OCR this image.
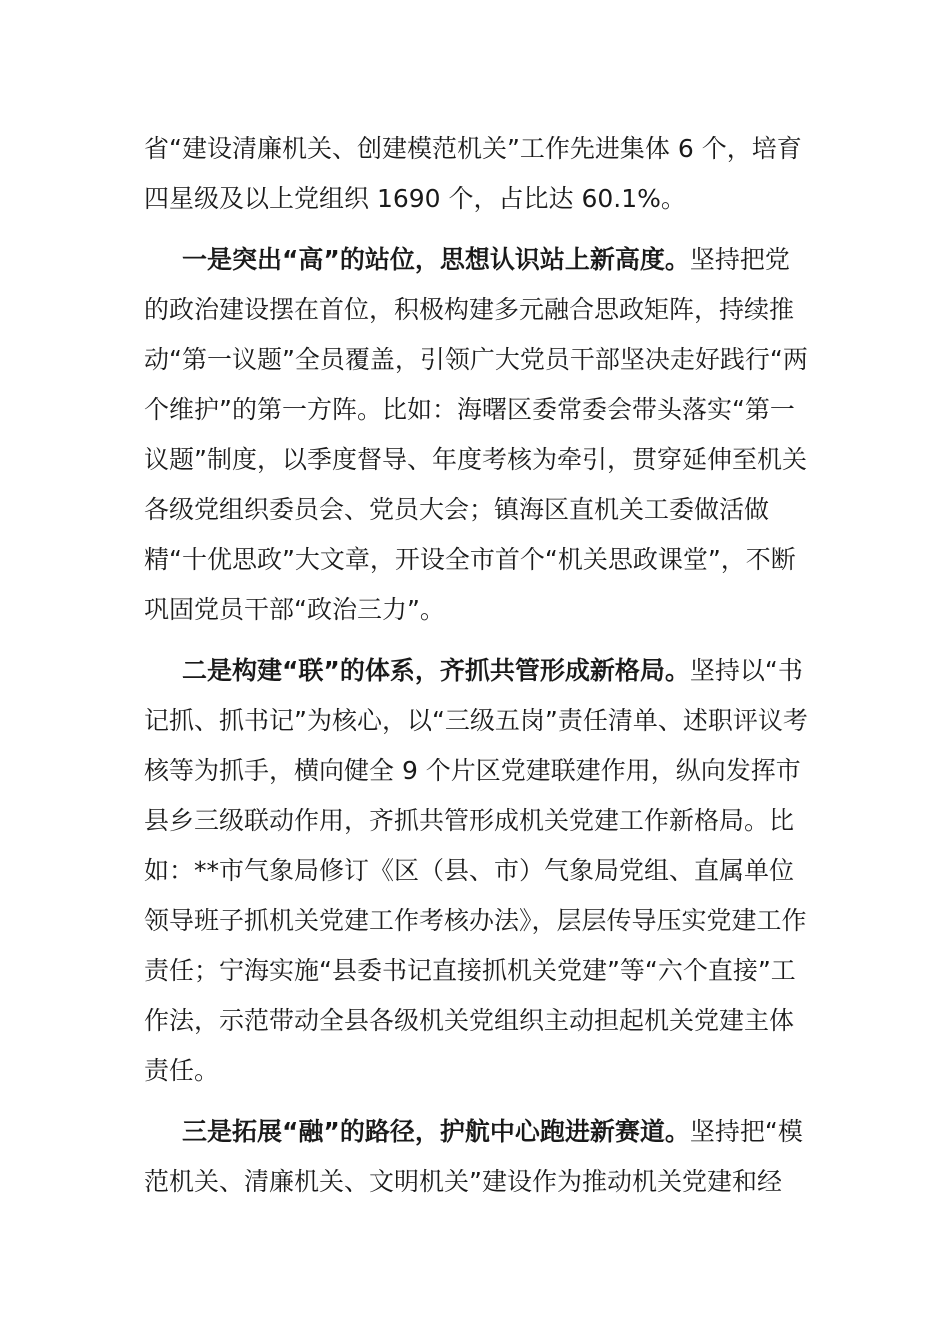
省“建设清廉机关、创建模范机关”工作先进集体 6 个，培育四星级及以上党组织 1690 个，占比达 60.1%。

一是突出“高”的站位，思想认识站上新高度。坚持把党的政治建设摆在首位，积极构建多元融合思政矩阵，持续推动“第一议题”全员覆盖，引领广大党员干部坚决走好践行“两个维护”的第一方阵。比如：海曙区委常委会带头落实“第一议题”制度，以季度督导、年度考核为牵引，贯穿延伸至机关各级党组织委员会、党员大会；镇海区直机关工委做活做精“十优思政”大文章，开设全市首个“机关思政课堂”，不断巩固党员干部“政治三力”。

二是构建“联”的体系，齐抓共管形成新格局。坚持以“书记抓、抓书记”为核心，以“三级五岗”责任清单、述职评议考核等为抓手，横向健全 9 个片区党建联建作用，纵向发挥市县乡三级联动作用，齐抓共管形成机关党建工作新格局。比如：**市气象局修订《区（县、市）气象局党组、直属单位领导班子抓机关党建工作考核办法》，层层传导压实党建工作责任；宁海实施“县委书记直接抓机关党建”等“六个直接”工作法，示范带动全县各级机关党组织主动担起机关党建主体责任。

三是拓展“融”的路径，护航中心跑进新赛道。坚持把“模范机关、清廉机关、文明机关”建设作为推动机关党建和经
